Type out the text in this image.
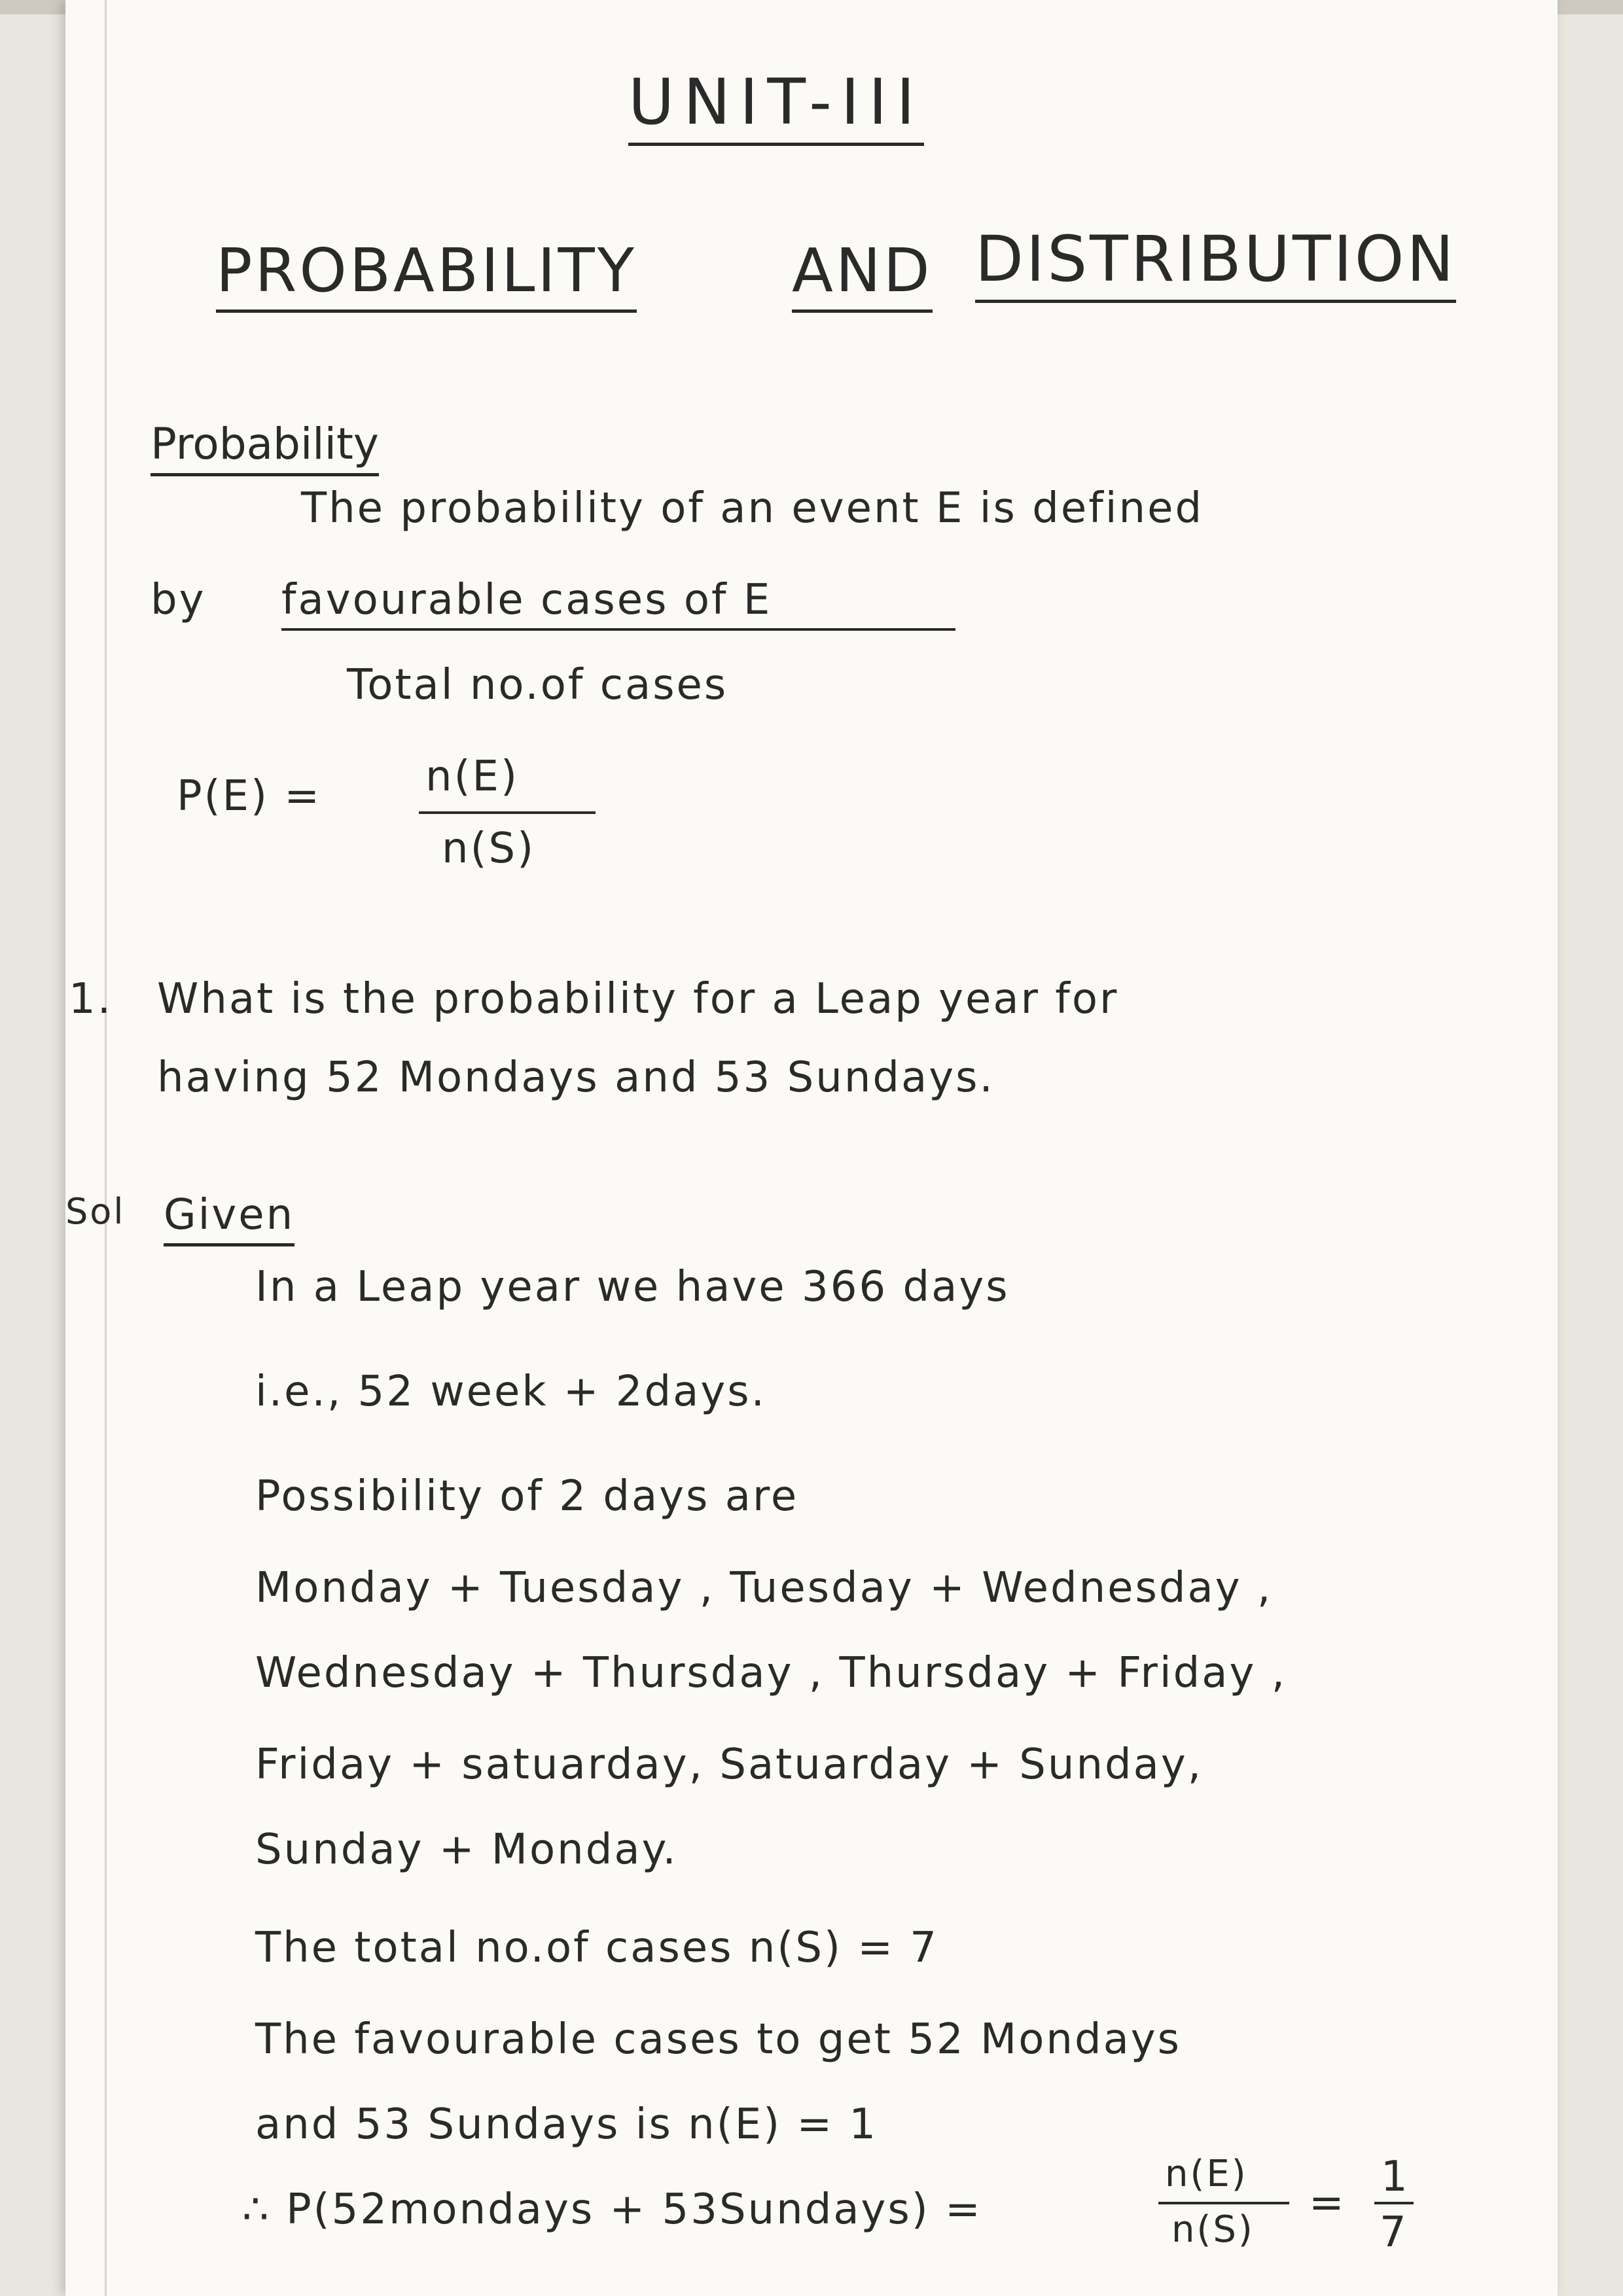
UNIT-III
PROBABILITY	AND DISTRIBUTION
Probability
The probability of an event E is defined
by favourable cases of E
Total no.of cases
P(E) = n(E)
n(S)
1. What is the probability for a Leap year for
having 52 Mondays and 53 Sundays.
Sol Given
In a Leap year we have 366 days
i.e., 52 week + 2days.
Possibility of 2 days are
Monday + Tuesday , Tuesday + Wednesday ,
Wednesday + Thursday , Thursday + Friday ,
Friday + satuarday, Satuarday + Sunday,
Sunday + Monday.
The total no.of cases n(S) = 7
The favourable cases to get 52 Mondays
and 53 Sundays is n(E) = 1
∴ P(52mondays + 53Sundays) =
n(E)
n(S)
=
1
7
